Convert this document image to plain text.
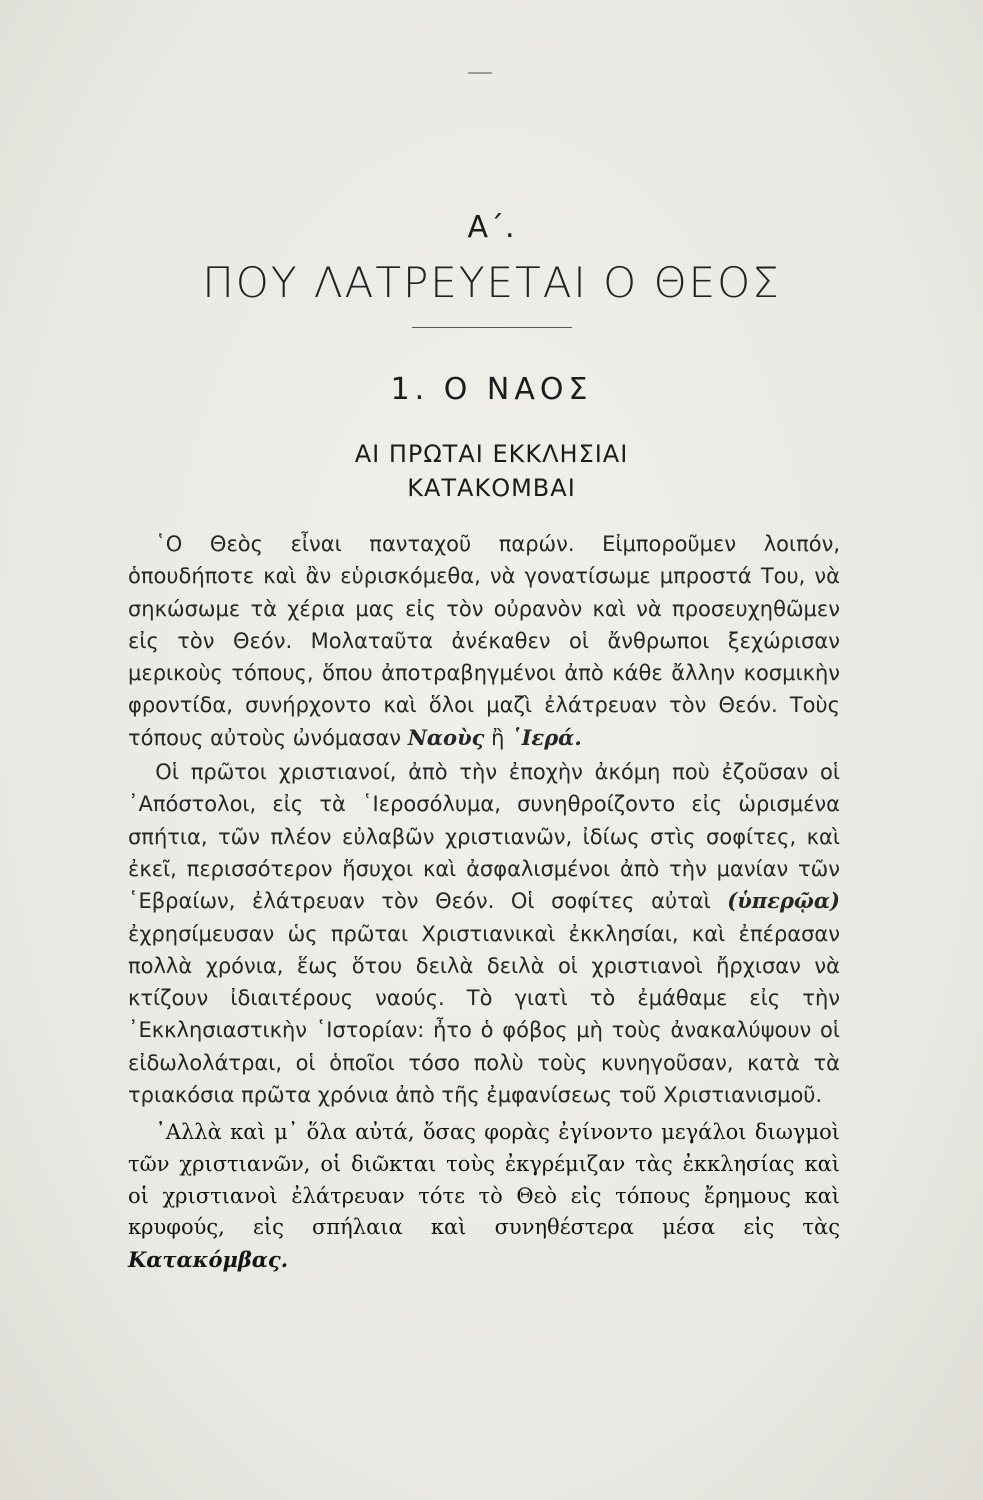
Α΄.
ΠΟΥ ΛΑΤΡΕΥΕΤΑΙ Ο ΘΕΟΣ
1. Ο ΝΑΟΣ
ΑΙ ΠΡΩΤΑΙ ΕΚΚΛΗΣΙΑΙ
ΚΑΤΑΚΟΜΒΑΙ

῾Ο Θεὸς εἶναι πανταχοῦ παρών. Εἰμποροῦμεν λοιπόν, ὁπουδήποτε καὶ ἂν εὑρισκόμεθα, νὰ γονατίσωμε μπροστά Του, νὰ σηκώσωμε τὰ χέρια μας εἰς τὸν οὐρανὸν καὶ νὰ προσευχηθῶμεν εἰς τὸν Θεόν. Μολαταῦτα ἀνέκαθεν οἱ ἄνθρωποι ξεχώρισαν μερικοὺς τόπους, ὅπου ἀποτραβηγμένοι ἀπὸ κάθε ἄλλην κοσμικὴν φροντίδα, συνήρχοντο καὶ ὅλοι μαζὶ ἐλάτρευαν τὸν Θεόν. Τοὺς τόπους αὐτοὺς ὠνόμασαν Ναοὺς ἢ ῾Ιερά.

Οἱ πρῶτοι χριστιανοί, ἀπὸ τὴν ἐποχὴν ἀκόμη ποὺ ἐζοῦσαν οἱ ᾽Απόστολοι, εἰς τὰ ῾Ιεροσόλυμα, συνηθροίζοντο εἰς ὡρισμένα σπήτια, τῶν πλέον εὐλαβῶν χριστιανῶν, ἰδίως στὶς σοφίτες, καὶ ἐκεῖ, περισσότερον ἥσυχοι καὶ ἀσφαλισμένοι ἀπὸ τὴν μανίαν τῶν ῾Εβραίων, ἐλάτρευαν τὸν Θεόν. Οἱ σοφίτες αὐταὶ (ὑπερῷα) ἐχρησίμευσαν ὡς πρῶται Χριστιανικαὶ ἐκκλησίαι, καὶ ἐπέρασαν πολλὰ χρόνια, ἕως ὅτου δειλὰ δειλὰ οἱ χριστιανοὶ ἤρχισαν νὰ κτίζουν ἰδιαιτέρους ναούς. Τὸ γιατὶ τὸ ἐμάθαμε εἰς τὴν ᾽Εκκλησιαστικὴν ῾Ιστορίαν: ἦτο ὁ φόβος μὴ τοὺς ἀνακαλύψουν οἱ εἰδωλολάτραι, οἱ ὁποῖοι τόσο πολὺ τοὺς κυνηγοῦσαν, κατὰ τὰ τριακόσια πρῶτα χρόνια ἀπὸ τῆς ἐμφανίσεως τοῦ Χριστιανισμοῦ.

᾽Αλλὰ καὶ μ᾽ ὅλα αὐτά, ὅσας φορὰς ἐγίνοντο μεγάλοι διωγμοὶ τῶν χριστιανῶν, οἱ διῶκται τοὺς ἐκγρέμιζαν τὰς ἐκκλησίας καὶ οἱ χριστιανοὶ ἐλάτρευαν τότε τὸ Θεὸ εἰς τόπους ἔρημους καὶ κρυφούς, εἰς σπήλαια καὶ συνηθέστερα μέσα εἰς τὰς Κατακόμβας.
